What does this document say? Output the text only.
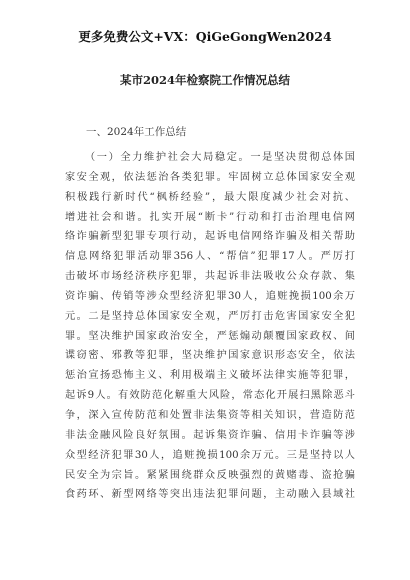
更多免费公文+VX：QiGeGongWen2024
某市2024年检察院工作情况总结
一、2024年工作总结
（一）全力维护社会大局稳定。一是坚决贯彻总体国
家安全观，依法惩治各类犯罪。牢固树立总体国家安全观
积极践行新时代“枫桥经验”，最大限度减少社会对抗、
增进社会和谐。扎实开展“断卡”行动和打击治理电信网
络诈骗新型犯罪专项行动，起诉电信网络诈骗及相关帮助
信息网络犯罪活动罪356人、“帮信”犯罪17人。严厉打
击破坏市场经济秩序犯罪，共起诉非法吸收公众存款、集
资诈骗、传销等涉众型经济犯罪30人，追赃挽损100余万
元。二是坚持总体国家安全观，严厉打击危害国家安全犯
罪。坚决维护国家政治安全，严惩煽动颠覆国家政权、间
谍窃密、邪教等犯罪，坚决维护国家意识形态安全，依法
惩治宣扬恐怖主义、利用极端主义破坏法律实施等犯罪，
起诉9人。有效防范化解重大风险，常态化开展扫黑除恶斗
争，深入宣传防范和处置非法集资等相关知识，营造防范
非法金融风险良好氛围。起诉集资诈骗、信用卡诈骗等涉
众型经济犯罪30人，追赃挽损100余万元。三是坚持以人
民安全为宗旨。紧紧围绕群众反映强烈的黄赌毒、盗抢骗
食药环、新型网络等突出违法犯罪问题，主动融入县域社
